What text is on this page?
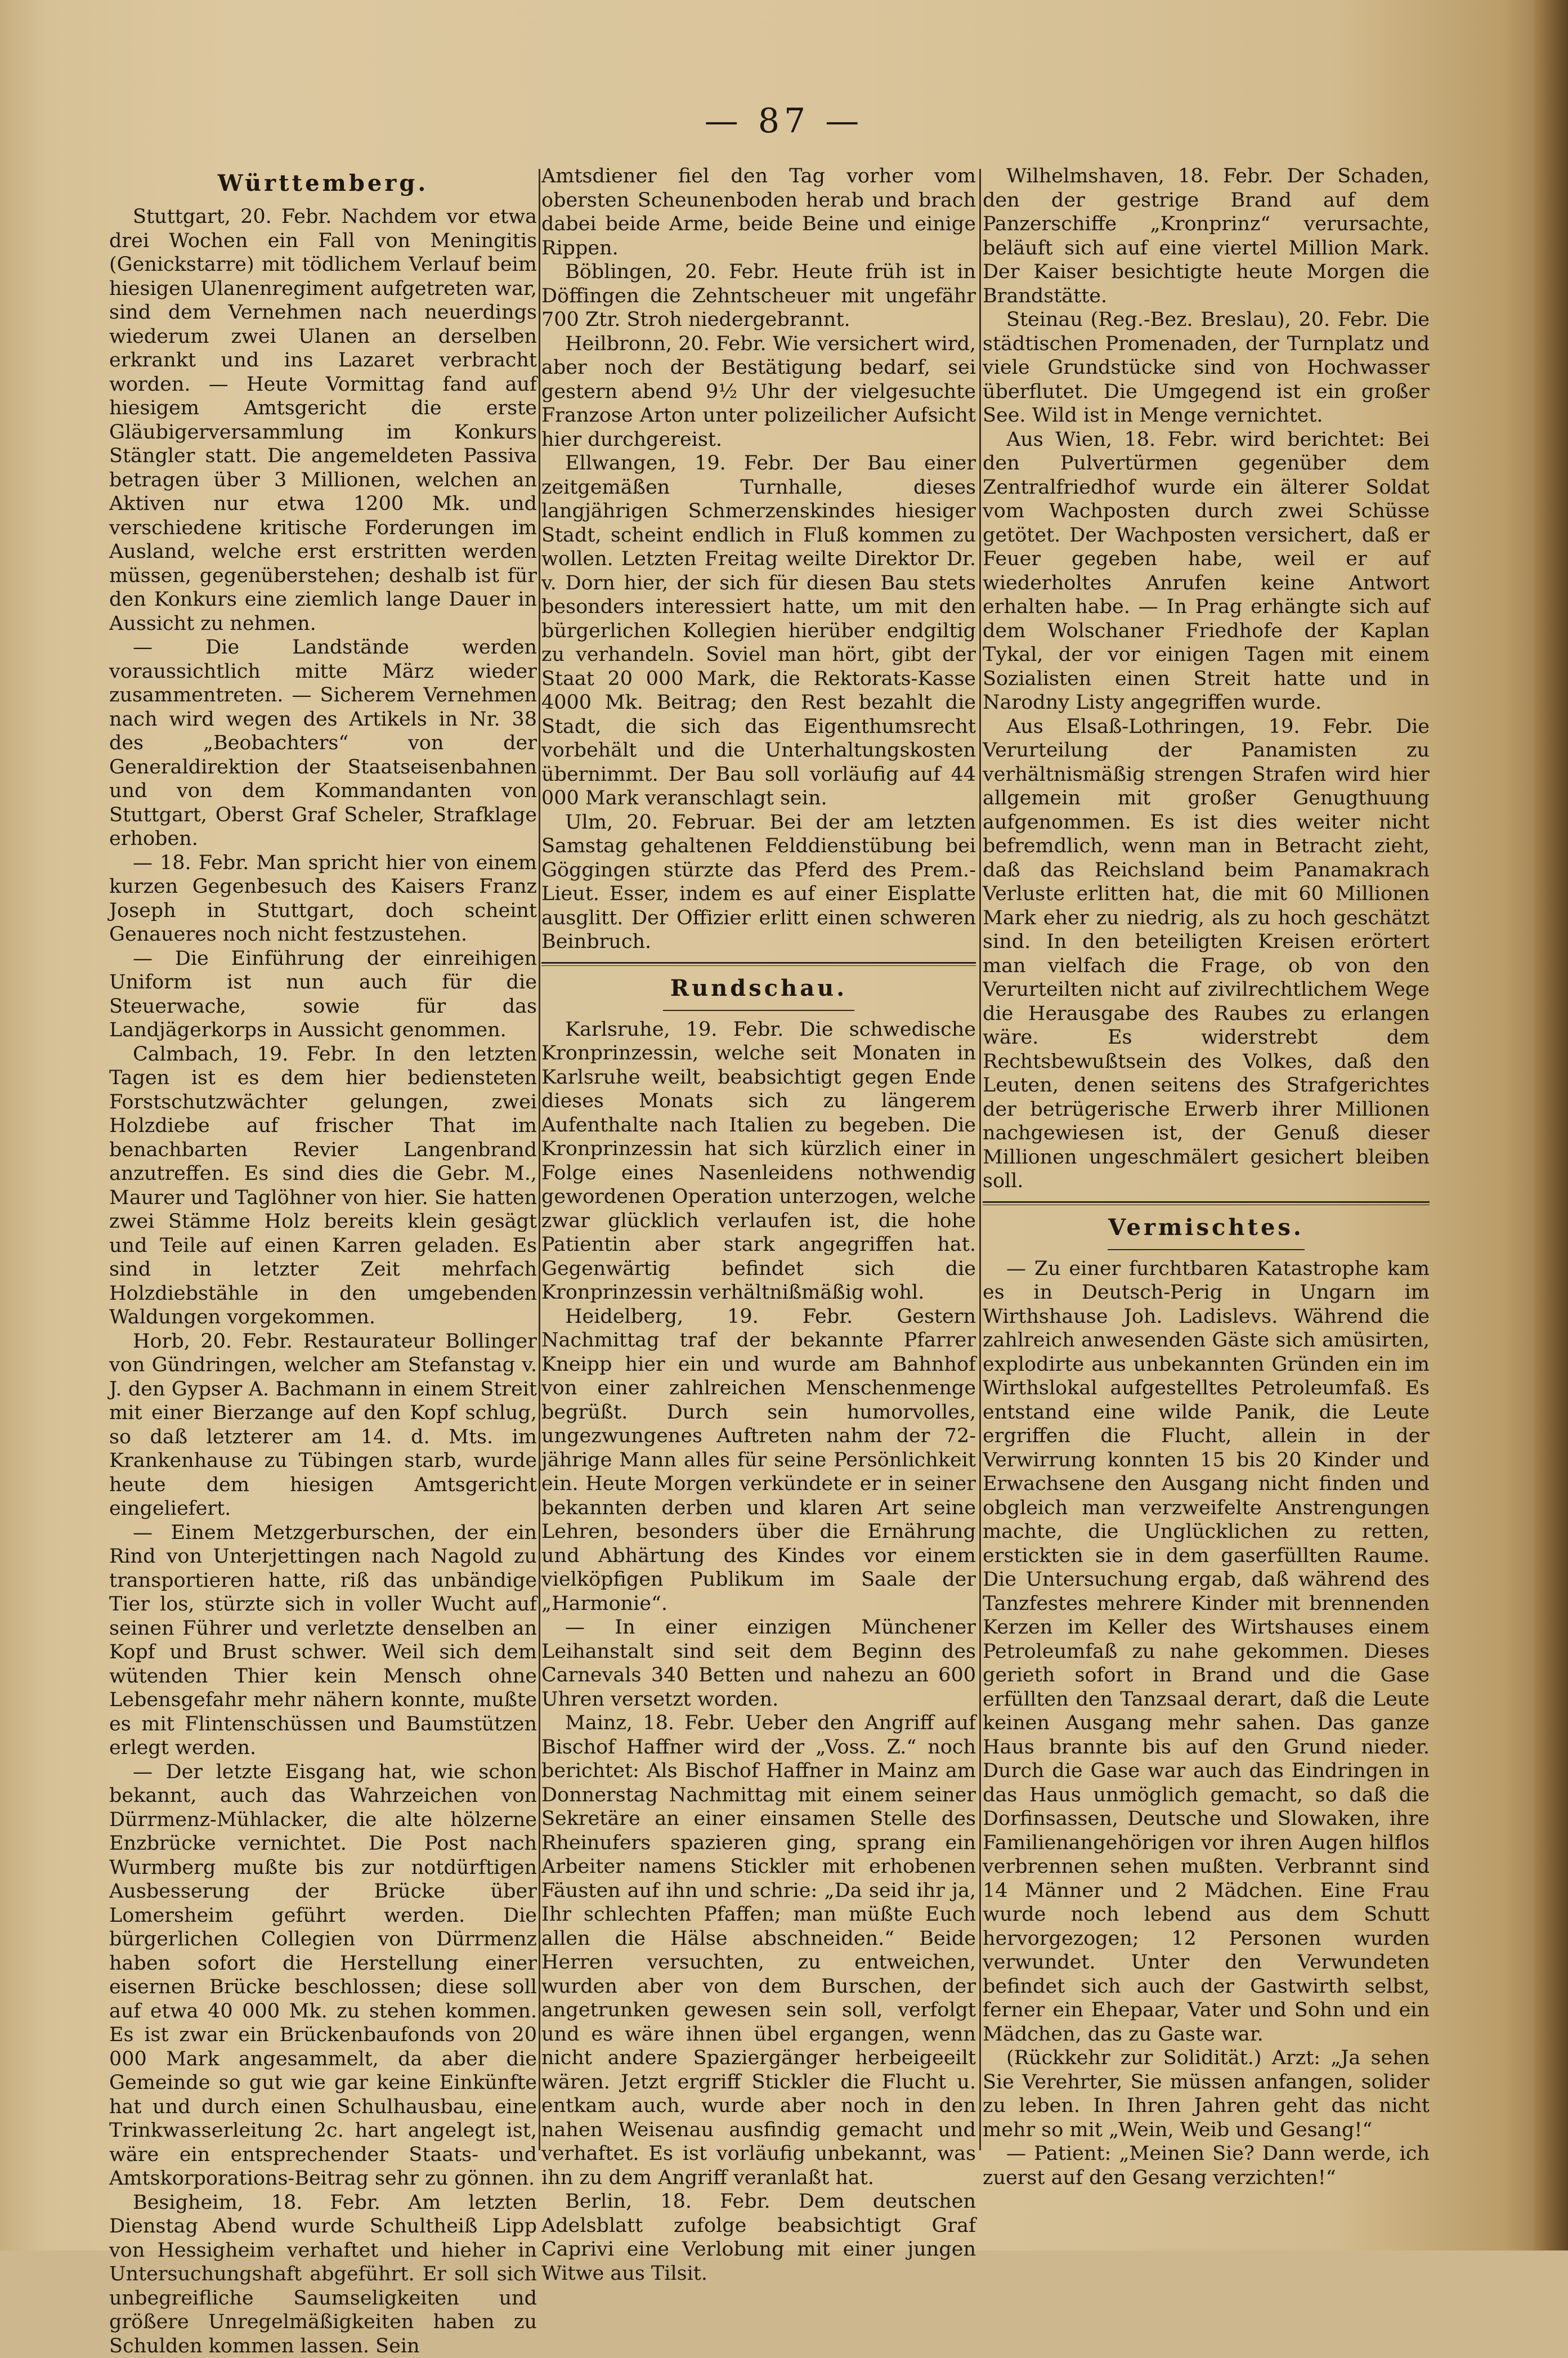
— 87 —
Württemberg.

Stuttgart, 20. Febr. Nachdem vor etwa drei Wochen ein Fall von Meningitis (Genickstarre) mit tödlichem Verlauf beim hiesigen Ulanenregiment aufgetreten war, sind dem Vernehmen nach neuerdings wiederum zwei Ulanen an derselben erkrankt und ins Lazaret verbracht worden. — Heute Vormittag fand auf hiesigem Amtsgericht die erste Gläubigerversammlung im Konkurs Stängler statt. Die angemeldeten Passiva betragen über 3 Millionen, welchen an Aktiven nur etwa 1200 Mk. und verschiedene kritische Forderungen im Ausland, welche erst erstritten werden müssen, gegenüberstehen; deshalb ist für den Konkurs eine ziemlich lange Dauer in Aussicht zu nehmen.

— Die Landstände werden voraussichtlich mitte März wieder zusammentreten. — Sicherem Vernehmen nach wird wegen des Artikels in Nr. 38 des „Beobachters“ von der Generaldirektion der Staatseisenbahnen und von dem Kommandanten von Stuttgart, Oberst Graf Scheler, Strafklage erhoben.

— 18. Febr. Man spricht hier von einem kurzen Gegenbesuch des Kaisers Franz Joseph in Stuttgart, doch scheint Genaueres noch nicht festzustehen.

— Die Einführung der einreihigen Uniform ist nun auch für die Steuerwache, sowie für das Landjägerkorps in Aussicht genommen.

Calmbach, 19. Febr. In den letzten Tagen ist es dem hier bediensteten Forstschutzwächter gelungen, zwei Holzdiebe auf frischer That im benachbarten Revier Langenbrand anzutreffen. Es sind dies die Gebr. M., Maurer und Taglöhner von hier. Sie hatten zwei Stämme Holz bereits klein gesägt und Teile auf einen Karren geladen. Es sind in letzter Zeit mehrfach Holzdiebstähle in den umgebenden Waldungen vorgekommen.

Horb, 20. Febr. Restaurateur Bollinger von Gündringen, welcher am Stefanstag v. J. den Gypser A. Bachmann in einem Streit mit einer Bierzange auf den Kopf schlug, so daß letzterer am 14. d. Mts. im Krankenhause zu Tübingen starb, wurde heute dem hiesigen Amtsgericht eingeliefert.

— Einem Metzgerburschen, der ein Rind von Unterjettingen nach Nagold zu transportieren hatte, riß das unbändige Tier los, stürzte sich in voller Wucht auf seinen Führer und verletzte denselben an Kopf und Brust schwer. Weil sich dem wütenden Thier kein Mensch ohne Lebensgefahr mehr nähern konnte, mußte es mit Flintenschüssen und Baumstützen erlegt werden.

— Der letzte Eisgang hat, wie schon bekannt, auch das Wahrzeichen von Dürrmenz-Mühlacker, die alte hölzerne Enzbrücke vernichtet. Die Post nach Wurmberg mußte bis zur notdürftigen Ausbesserung der Brücke über Lomersheim geführt werden. Die bürgerlichen Collegien von Dürrmenz haben sofort die Herstellung einer eisernen Brücke beschlossen; diese soll auf etwa 40 000 Mk. zu stehen kommen. Es ist zwar ein Brückenbaufonds von 20 000 Mark angesammelt, da aber die Gemeinde so gut wie gar keine Einkünfte hat und durch einen Schulhausbau, eine Trinkwasserleitung 2c. hart angelegt ist, wäre ein entsprechender Staats- und Amtskorporations-Beitrag sehr zu gönnen.

Besigheim, 18. Febr. Am letzten Dienstag Abend wurde Schultheiß Lipp von Hessigheim verhaftet und hieher in Untersuchungshaft abgeführt. Er soll sich unbegreifliche Saumseligkeiten und größere Unregelmäßigkeiten haben zu Schulden kommen lassen. Sein

Amtsdiener fiel den Tag vorher vom obersten Scheunenboden herab und brach dabei beide Arme, beide Beine und einige Rippen.

Böblingen, 20. Febr. Heute früh ist in Döffingen die Zehntscheuer mit ungefähr 700 Ztr. Stroh niedergebrannt.

Heilbronn, 20. Febr. Wie versichert wird, aber noch der Bestätigung bedarf, sei gestern abend 9½ Uhr der vielgesuchte Franzose Arton unter polizeilicher Aufsicht hier durchgereist.

Ellwangen, 19. Febr. Der Bau einer zeitgemäßen Turnhalle, dieses langjährigen Schmerzenskindes hiesiger Stadt, scheint endlich in Fluß kommen zu wollen. Letzten Freitag weilte Direktor Dr. v. Dorn hier, der sich für diesen Bau stets besonders interessiert hatte, um mit den bürgerlichen Kollegien hierüber endgiltig zu verhandeln. Soviel man hört, gibt der Staat 20 000 Mark, die Rektorats-Kasse 4000 Mk. Beitrag; den Rest bezahlt die Stadt, die sich das Eigenthumsrecht vorbehält und die Unterhaltungskosten übernimmt. Der Bau soll vorläufig auf 44 000 Mark veranschlagt sein.

Ulm, 20. Februar. Bei der am letzten Samstag gehaltenen Felddienstübung bei Göggingen stürzte das Pferd des Prem.-Lieut. Esser, indem es auf einer Eisplatte ausglitt. Der Offizier erlitt einen schweren Beinbruch.

Rundschau.

Karlsruhe, 19. Febr. Die schwedische Kronprinzessin, welche seit Monaten in Karlsruhe weilt, beabsichtigt gegen Ende dieses Monats sich zu längerem Aufenthalte nach Italien zu begeben. Die Kronprinzessin hat sich kürzlich einer in Folge eines Nasenleidens nothwendig gewordenen Operation unterzogen, welche zwar glücklich verlaufen ist, die hohe Patientin aber stark angegriffen hat. Gegenwärtig befindet sich die Kronprinzessin verhältnißmäßig wohl.

Heidelberg, 19. Febr. Gestern Nachmittag traf der bekannte Pfarrer Kneipp hier ein und wurde am Bahnhof von einer zahlreichen Menschenmenge begrüßt. Durch sein humorvolles, ungezwungenes Auftreten nahm der 72-jährige Mann alles für seine Persönlichkeit ein. Heute Morgen verkündete er in seiner bekannten derben und klaren Art seine Lehren, besonders über die Ernährung und Abhärtung des Kindes vor einem vielköpfigen Publikum im Saale der „Harmonie“.

— In einer einzigen Münchener Leihanstalt sind seit dem Beginn des Carnevals 340 Betten und nahezu an 600 Uhren versetzt worden.

Mainz, 18. Febr. Ueber den Angriff auf Bischof Haffner wird der „Voss. Z.“ noch berichtet: Als Bischof Haffner in Mainz am Donnerstag Nachmittag mit einem seiner Sekretäre an einer einsamen Stelle des Rheinufers spazieren ging, sprang ein Arbeiter namens Stickler mit erhobenen Fäusten auf ihn und schrie: „Da seid ihr ja, Ihr schlechten Pfaffen; man müßte Euch allen die Hälse abschneiden.“ Beide Herren versuchten, zu entweichen, wurden aber von dem Burschen, der angetrunken gewesen sein soll, verfolgt und es wäre ihnen übel ergangen, wenn nicht andere Spaziergänger herbeigeeilt wären. Jetzt ergriff Stickler die Flucht u. entkam auch, wurde aber noch in den nahen Weisenau ausfindig gemacht und verhaftet. Es ist vorläufig unbekannt, was ihn zu dem Angriff veranlaßt hat.

Berlin, 18. Febr. Dem deutschen Adelsblatt zufolge beabsichtigt Graf Caprivi eine Verlobung mit einer jungen Witwe aus Tilsit.

Wilhelmshaven, 18. Febr. Der Schaden, den der gestrige Brand auf dem Panzerschiffe „Kronprinz“ verursachte, beläuft sich auf eine viertel Million Mark. Der Kaiser besichtigte heute Morgen die Brandstätte.

Steinau (Reg.-Bez. Breslau), 20. Febr. Die städtischen Promenaden, der Turnplatz und viele Grundstücke sind von Hochwasser überflutet. Die Umgegend ist ein großer See. Wild ist in Menge vernichtet.

Aus Wien, 18. Febr. wird berichtet: Bei den Pulvertürmen gegenüber dem Zentralfriedhof wurde ein älterer Soldat vom Wachposten durch zwei Schüsse getötet. Der Wachposten versichert, daß er Feuer gegeben habe, weil er auf wiederholtes Anrufen keine Antwort erhalten habe. — In Prag erhängte sich auf dem Wolschaner Friedhofe der Kaplan Tykal, der vor einigen Tagen mit einem Sozialisten einen Streit hatte und in Narodny Listy angegriffen wurde.

Aus Elsaß-Lothringen, 19. Febr. Die Verurteilung der Panamisten zu verhältnismäßig strengen Strafen wird hier allgemein mit großer Genugthuung aufgenommen. Es ist dies weiter nicht befremdlich, wenn man in Betracht zieht, daß das Reichsland beim Panamakrach Verluste erlitten hat, die mit 60 Millionen Mark eher zu niedrig, als zu hoch geschätzt sind. In den beteiligten Kreisen erörtert man vielfach die Frage, ob von den Verurteilten nicht auf zivilrechtlichem Wege die Herausgabe des Raubes zu erlangen wäre. Es widerstrebt dem Rechtsbewußtsein des Volkes, daß den Leuten, denen seitens des Strafgerichtes der betrügerische Erwerb ihrer Millionen nachgewiesen ist, der Genuß dieser Millionen ungeschmälert gesichert bleiben soll.

Vermischtes.

— Zu einer furchtbaren Katastrophe kam es in Deutsch-Perig in Ungarn im Wirthshause Joh. Ladislevs. Während die zahlreich anwesenden Gäste sich amüsirten, explodirte aus unbekannten Gründen ein im Wirthslokal aufgestelltes Petroleumfaß. Es entstand eine wilde Panik, die Leute ergriffen die Flucht, allein in der Verwirrung konnten 15 bis 20 Kinder und Erwachsene den Ausgang nicht finden und obgleich man verzweifelte Anstrengungen machte, die Unglücklichen zu retten, erstickten sie in dem gaserfüllten Raume. Die Untersuchung ergab, daß während des Tanzfestes mehrere Kinder mit brennenden Kerzen im Keller des Wirtshauses einem Petroleumfaß zu nahe gekommen. Dieses gerieth sofort in Brand und die Gase erfüllten den Tanzsaal derart, daß die Leute keinen Ausgang mehr sahen. Das ganze Haus brannte bis auf den Grund nieder. Durch die Gase war auch das Eindringen in das Haus unmöglich gemacht, so daß die Dorfinsassen, Deutsche und Slowaken, ihre Familienangehörigen vor ihren Augen hilflos verbrennen sehen mußten. Verbrannt sind 14 Männer und 2 Mädchen. Eine Frau wurde noch lebend aus dem Schutt hervorgezogen; 12 Personen wurden verwundet. Unter den Verwundeten befindet sich auch der Gastwirth selbst, ferner ein Ehepaar, Vater und Sohn und ein Mädchen, das zu Gaste war.

(Rückkehr zur Solidität.) Arzt: „Ja sehen Sie Verehrter, Sie müssen anfangen, solider zu leben. In Ihren Jahren geht das nicht mehr so mit „Wein, Weib und Gesang!“

— Patient: „Meinen Sie? Dann werde, ich zuerst auf den Gesang verzichten!“
